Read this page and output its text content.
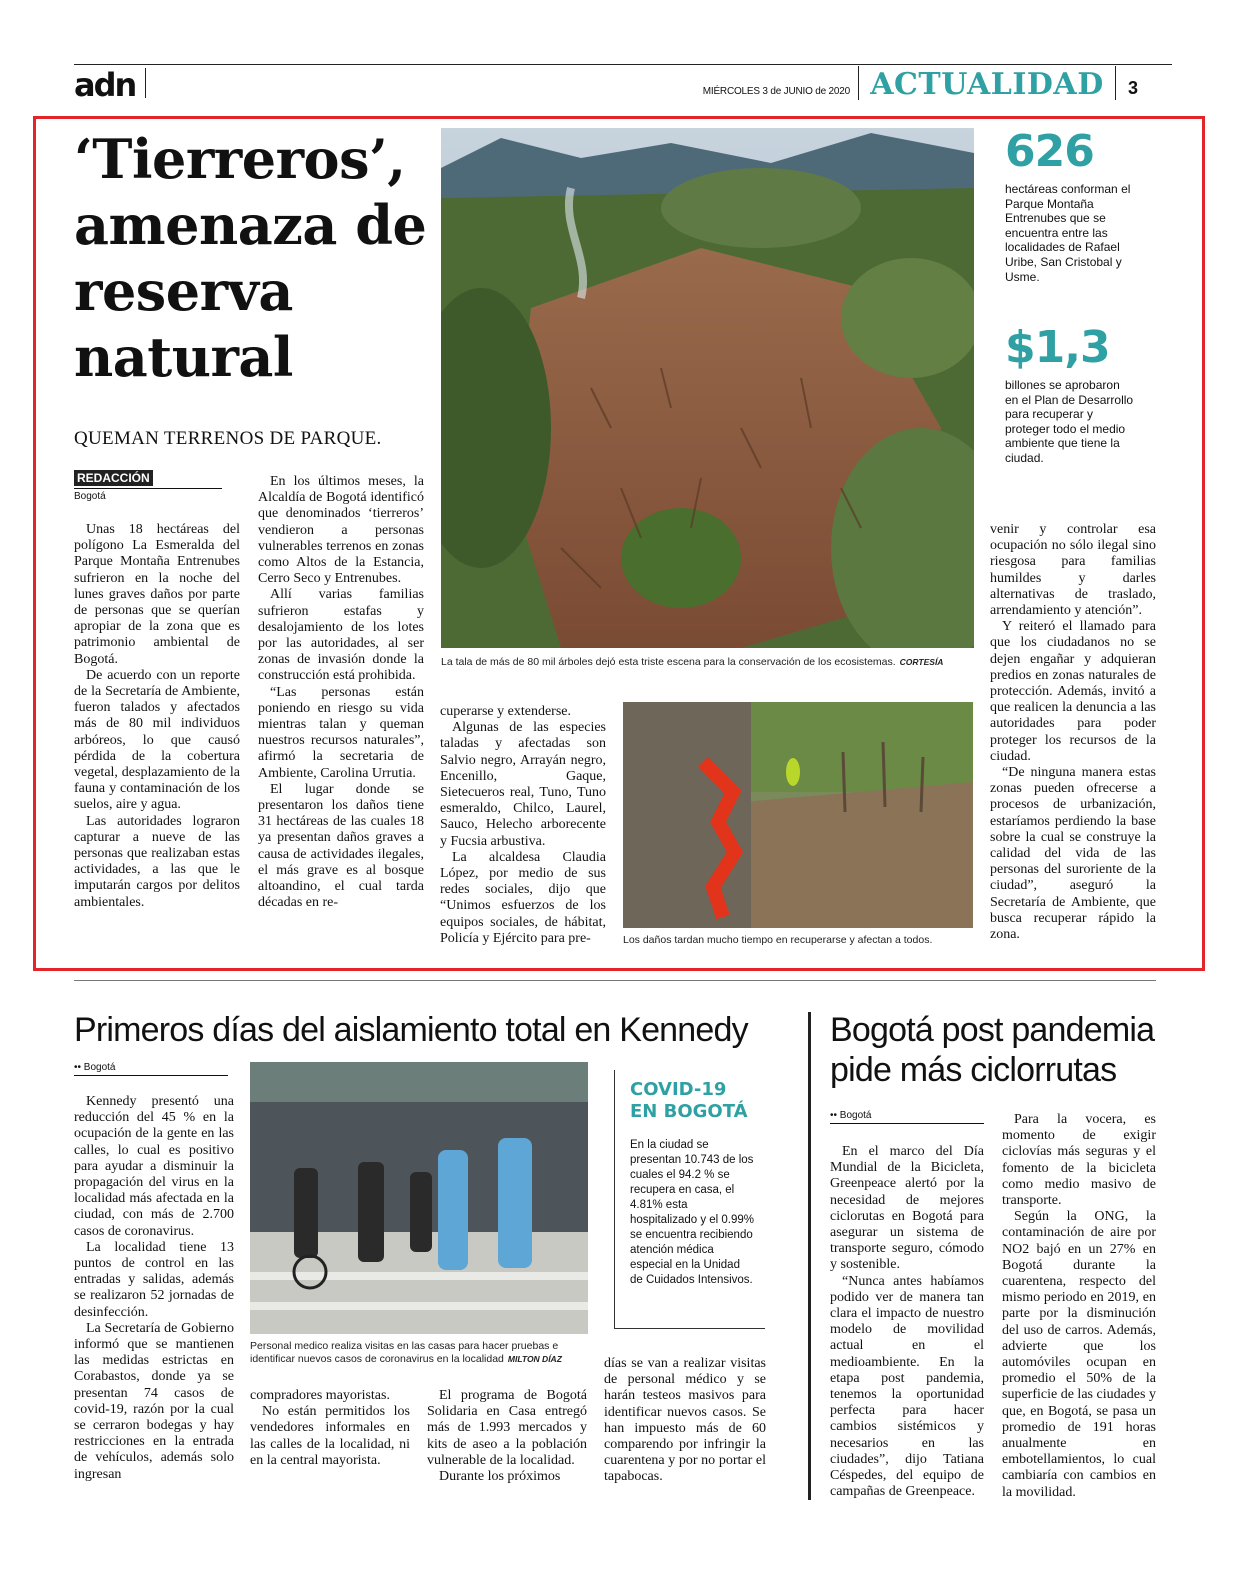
adn	MIÉRCOLES 3 de JUNIO de 2020 ACTUALIDAD	3
‘Tierreros’, amenaza de reserva natural
QUEMAN TERRENOS DE PARQUE.
REDACCIÓN
Bogotá

Unas 18 hectáreas del polígono La Esmeralda del Parque Montaña Entrenubes sufrieron en la noche del lunes graves daños por parte de personas que se querían apropiar de la zona que es patrimonio ambiental de Bogotá.

De acuerdo con un reporte de la Secretaría de Ambiente, fueron talados y afectados más de 80 mil individuos arbóreos, lo que causó pérdida de la cobertura vegetal, desplazamiento de la fauna y contaminación de los suelos, aire y agua.

Las autoridades lograron capturar a nueve de las personas que realizaban estas actividades, a las que le imputarán cargos por delitos ambientales.

En los últimos meses, la Alcaldía de Bogotá identificó que denominados ‘tierreros’ vendieron a personas vulnerables terrenos en zonas como Altos de la Estancia, Cerro Seco y Entrenubes.

Allí varias familias sufrieron estafas y desalojamiento de los lotes por las autoridades, al ser zonas de invasión donde la construcción está prohibida.

“Las personas están poniendo en riesgo su vida mientras talan y queman nuestros recursos naturales”, afirmó la secretaria de Ambiente, Carolina Urrutia.

El lugar donde se presentaron los daños tiene 31 hectáreas de las cuales 18 ya presentan daños graves a causa de actividades ilegales, el más grave es al bosque altoandino, el cual tarda décadas en re-

cuperarse y extenderse.

Algunas de las especies taladas y afectadas son Salvio negro, Arrayán negro, Encenillo, Gaque, Sietecueros real, Tuno, Tuno esmeraldo, Chilco, Laurel, Sauco, Helecho arborecente y Fucsia arbustiva.

La alcaldesa Claudia López, por medio de sus redes sociales, dijo que “Unimos esfuerzos de los equipos sociales, de hábitat, Policía y Ejército para pre-

venir y controlar esa ocupación no sólo ilegal sino riesgosa para familias humildes y darles alternativas de traslado, arrendamiento y atención”.

Y reiteró el llamado para que los ciudadanos no se dejen engañar y adquieran predios en zonas naturales de protección. Además, invitó a que realicen la denuncia a las autoridades para poder proteger los recursos de la ciudad.

“De ninguna manera estas zonas pueden ofrecerse a procesos de urbanización, estaríamos perdiendo la base sobre la cual se construye la calidad del vida de las personas del suroriente de la ciudad”, aseguró la Secretaría de Ambiente, que busca recuperar rápido la zona.

La tala de más de 80 mil árboles dejó esta triste escena para la conservación de los ecosistemas. CORTESÍA
Los daños tardan mucho tiempo en recuperarse y afectan a todos.
626
hectáreas conforman el Parque Montaña Entrenubes que se encuentra entre las localidades de Rafael Uribe, San Cristobal y Usme.
$1,3
billones se aprobaron en el Plan de Desarrollo para recuperar y proteger todo el medio ambiente que tiene la ciudad.
Primeros días del aislamiento total en Kennedy
•• Bogotá

Kennedy presentó una reducción del 45 % en la ocupación de la gente en las calles, lo cual es positivo para ayudar a disminuir la propagación del virus en la localidad más afectada en la ciudad, con más de 2.700 casos de coronavirus.

La localidad tiene 13 puntos de control en las entradas y salidas, además se realizaron 52 jornadas de desinfección.

La Secretaría de Gobierno informó que se mantienen las medidas estrictas en Corabastos, donde ya se presentan 74 casos de covid-19, razón por la cual se cerraron bodegas y hay restricciones en la entrada de vehículos, además solo ingresan

Personal medico realiza visitas en las casas para hacer pruebas e identificar nuevos casos de coronavirus en la localidad MILTON DÍAZ
COVID-19 EN BOGOTÁ
En la ciudad se presentan 10.743 de los cuales el 94.2 % se recupera en casa, el 4.81% esta hospitalizado y el 0.99% se encuentra recibiendo atención médica especial en la Unidad de Cuidados Intensivos.

compradores mayoristas.

No están permitidos los vendedores informales en las calles de la localidad, ni en la central mayorista.

El programa de Bogotá Solidaria en Casa entregó más de 1.993 mercados y kits de aseo a la población vulnerable de la localidad.

Durante los próximos

días se van a realizar visitas de personal médico y se harán testeos masivos para identificar nuevos casos. Se han impuesto más de 60 comparendo por infringir la cuarentena y por no portar el tapabocas.

Bogotá post pandemia pide más ciclorrutas
•• Bogotá

En el marco del Día Mundial de la Bicicleta, Greenpeace alertó por la necesidad de mejores ciclorutas en Bogotá para asegurar un sistema de transporte seguro, cómodo y sostenible.

“Nunca antes habíamos podido ver de manera tan clara el impacto de nuestro modelo de movilidad actual en el medioambiente. En la etapa post pandemia, tenemos la oportunidad perfecta para hacer cambios sistémicos y necesarios en las ciudades”, dijo Tatiana Céspedes, del equipo de campañas de Greenpeace.

Para la vocera, es momento de exigir ciclovías más seguras y el fomento de la bicicleta como medio masivo de transporte.

Según la ONG, la contaminación de aire por NO2 bajó en un 27% en Bogotá durante la cuarentena, respecto del mismo periodo en 2019, en parte por la disminución del uso de carros. Además, advierte que los automóviles ocupan en promedio el 50% de la superficie de las ciudades y que, en Bogotá, se pasa un promedio de 191 horas anualmente en embotellamientos, lo cual cambiaría con cambios en la movilidad.
